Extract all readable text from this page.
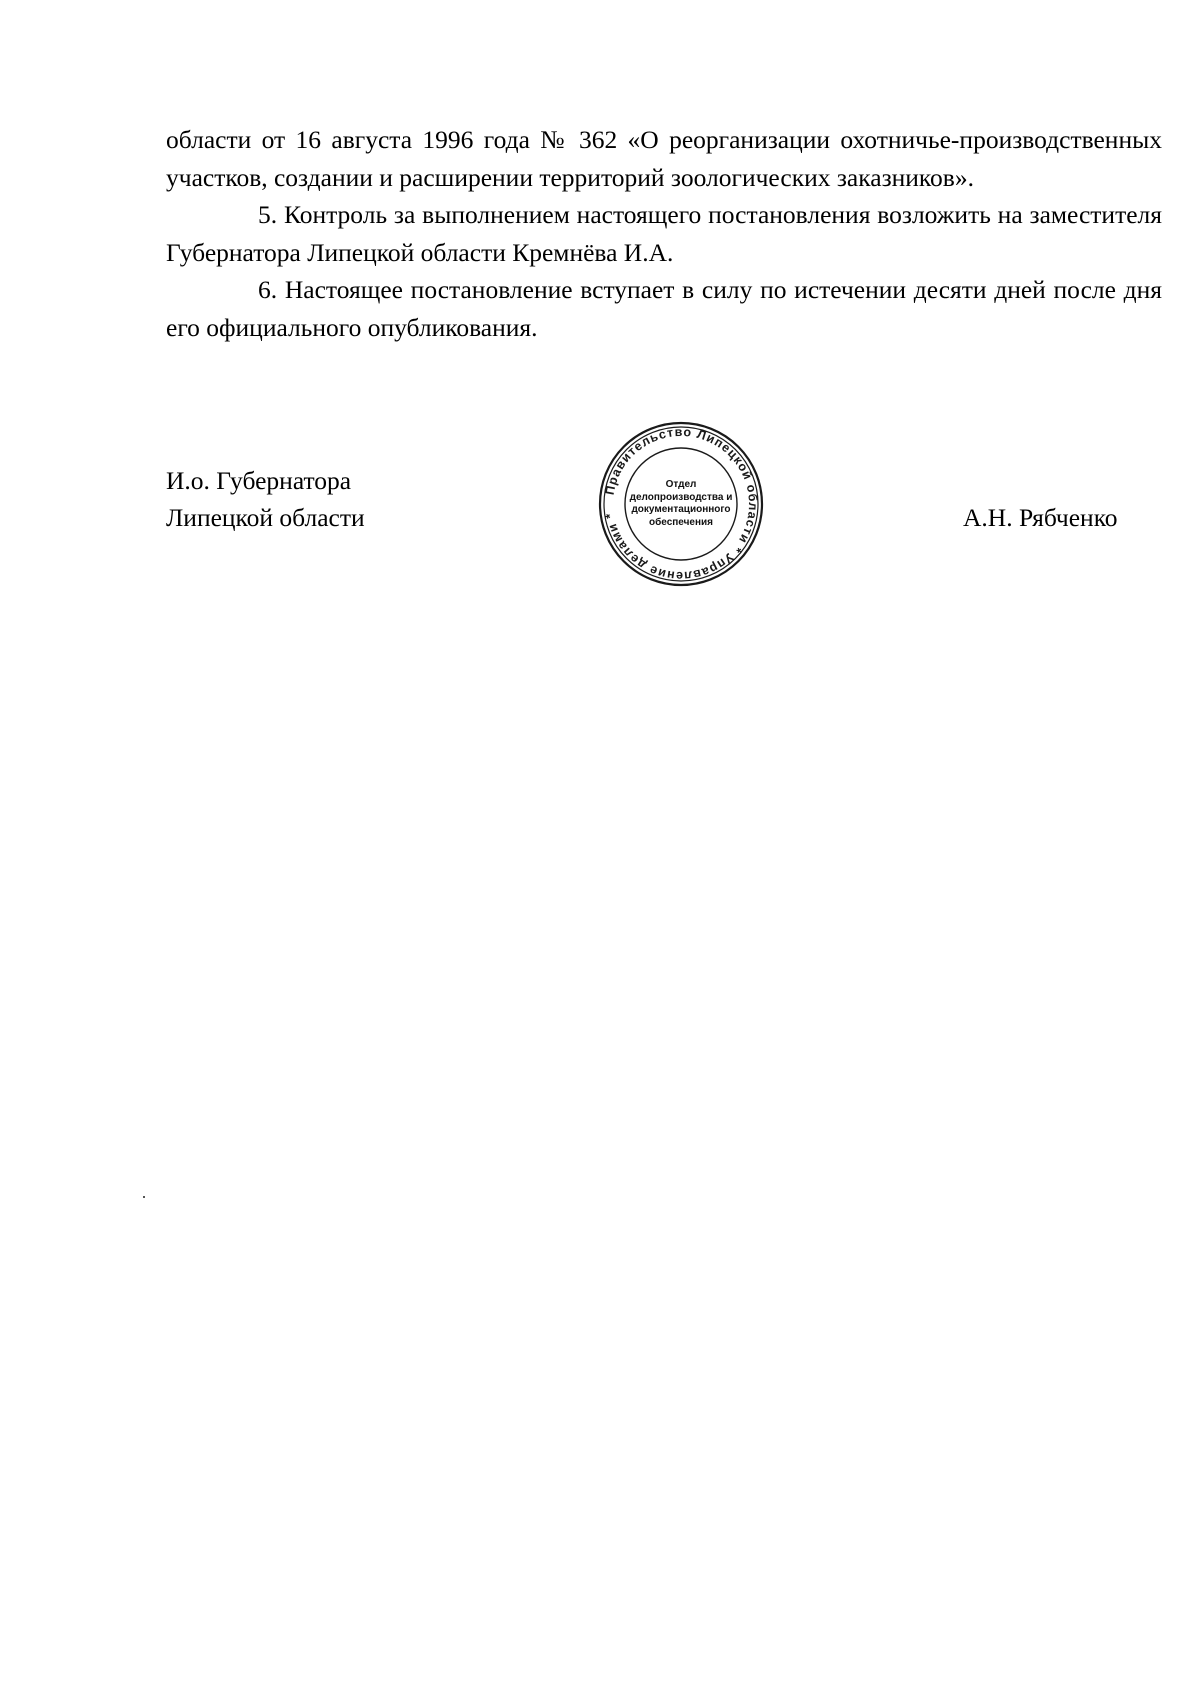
области от 16 августа 1996 года № 362 «О реорганизации охотничье-производственных участков, создании и расширении территорий зоологических заказников».

5. Контроль за выполнением настоящего постановления возложить на заместителя Губернатора Липецкой области Кремнёва И.А.

6. Настоящее постановление вступает в силу по истечении десяти дней после дня его официального опубликования.

И.о. Губернатора
Липецкой области
Правительство Липецкой области * Управление делами *
Отдел
делопроизводства и
документационного
обеспечения	А.Н. Рябченко
